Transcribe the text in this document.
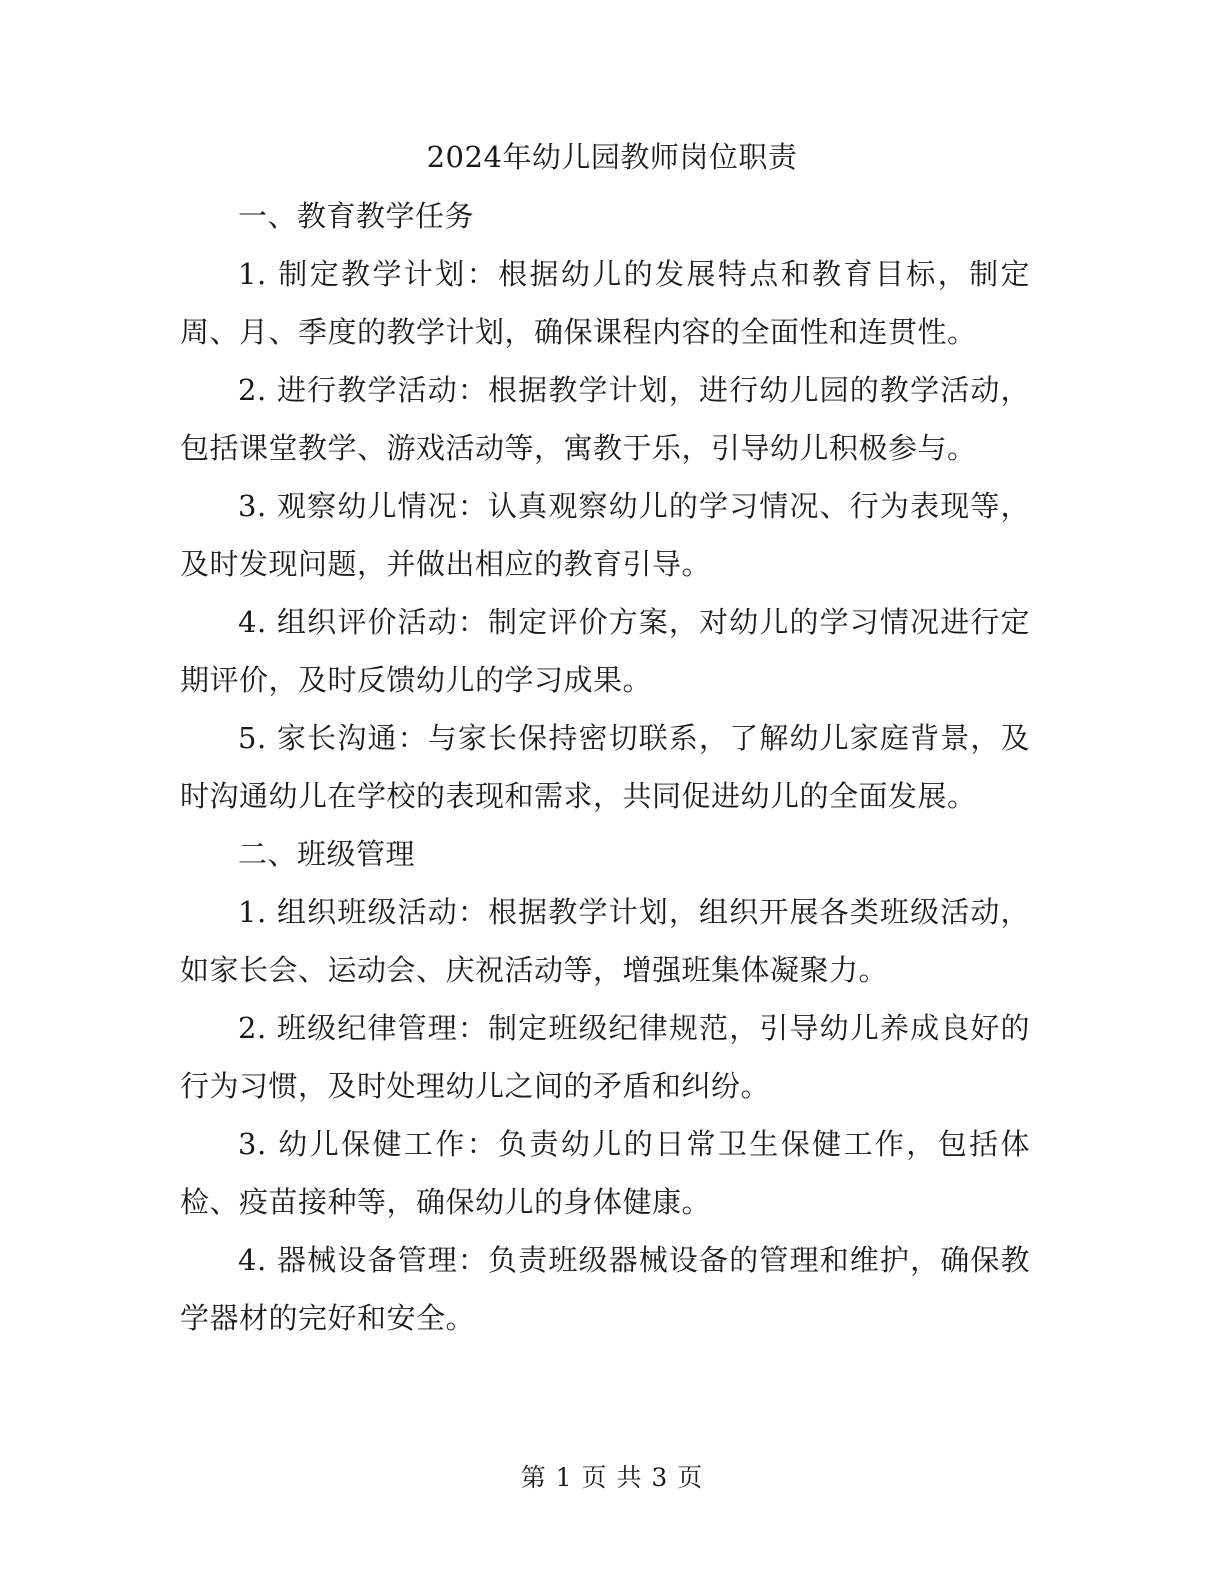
2024年幼儿园教师岗位职责

一、教育教学任务

1. 制定教学计划：根据幼儿的发展特点和教育目标，制定周、月、季度的教学计划，确保课程内容的全面性和连贯性。

2. 进行教学活动：根据教学计划，进行幼儿园的教学活动，包括课堂教学、游戏活动等，寓教于乐，引导幼儿积极参与。

3. 观察幼儿情况：认真观察幼儿的学习情况、行为表现等，及时发现问题，并做出相应的教育引导。

4. 组织评价活动：制定评价方案，对幼儿的学习情况进行定期评价，及时反馈幼儿的学习成果。

5. 家长沟通：与家长保持密切联系，了解幼儿家庭背景，及时沟通幼儿在学校的表现和需求，共同促进幼儿的全面发展。

二、班级管理

1. 组织班级活动：根据教学计划，组织开展各类班级活动，如家长会、运动会、庆祝活动等，增强班集体凝聚力。

2. 班级纪律管理：制定班级纪律规范，引导幼儿养成良好的行为习惯，及时处理幼儿之间的矛盾和纠纷。

3. 幼儿保健工作：负责幼儿的日常卫生保健工作，包括体检、疫苗接种等，确保幼儿的身体健康。

4. 器械设备管理：负责班级器械设备的管理和维护，确保教学器材的完好和安全。

第 1 页 共 3 页
